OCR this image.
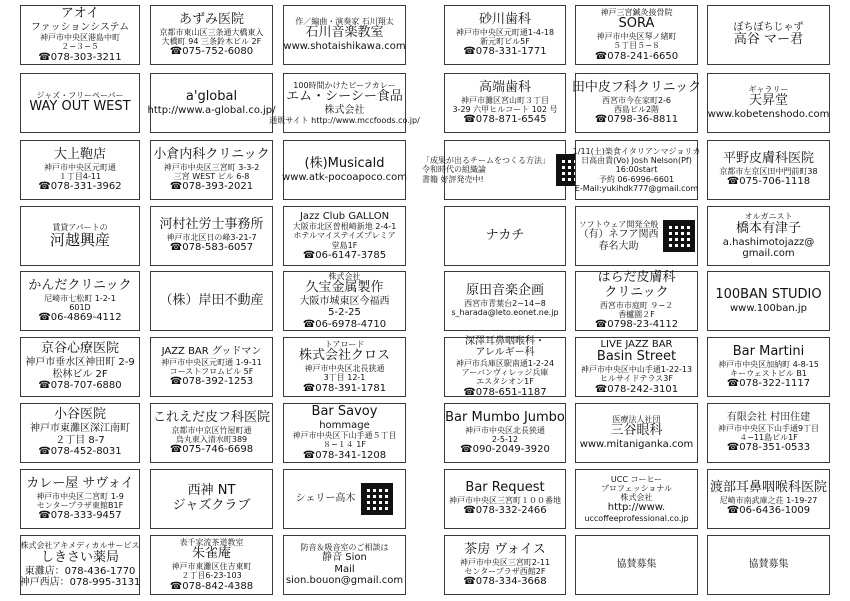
アオイ
ファッションシステム
神戸市中央区港島中町
２−３−５
☎078-303-3211
あずみ医院
京都市東山区三条通大橋東入
大橋町 94 三条鈴木ビル 2F
☎075-752-6080
作／編曲・演奏家 石川翔太
石川音楽教室
www.shotaishikawa.com
砂川歯科
神戸市中央区元町通1-4-18
新元町ビル5F
☎078-331-1771
神戸三宮鍼灸接骨院
SORA
神戸市中央区琴ノ緒町
５丁目５−８
☎078-241-6650
ぼちぼちじゃず
高谷 マー君
ジャズ・フリーペーパー
WAY OUT WEST
a'global
http://www.a-global.co.jp/
100時間かけたビーフカレー
エム・シーシー食品
株式会社
通販サイト http://www.mccfoods.co.jp/
高端歯科
神戸市灘区宮山町３丁目
3-29 六甲ヒルコート 102 号
☎078-871-6545
田中皮フ科クリニック
西宮市今在家町2-6
西島ビル2階
☎0798-36-8811
ギャラリー
天昇堂
www.kobetenshodo.com
大上鞄店
神戸市中央区元町通
１丁目4-11
☎078-331-3962
小倉内科クリニック
神戸市中央区三宮町 3-3-2
三宮 WEST ビル 6-8
☎078-393-2021
(株)Musicald
www.atk-pocoapoco.com
「成果が出るチームをつくる方法」
令和時代の組織論
書籍 好評発売中!
1/11(土)楽食イタリアンマジョリカ
日高由貴(Vo) Josh Nelson(Pf)
16:00start
予約 06-6996-6601
E-Mail:yukihdk777@gmail.com
平野皮膚科医院
京都市左京区田中門前町38
☎075-706-1118
賃貸アパートの
河越興産
河村社労士事務所
神戸市北区日の峰3-21-7
☎078-583-6057
Jazz Club GALLON
大阪市北区曽根崎新地 2-4-1
ホテルマイステイズプレミア
堂島1F
☎06-6147-3785
ナカチ
ソフトウェア開発全般
（有）ネフア関西
春名大助
オルガニスト
橋本有津子
a.hashimotojazz@
gmail.com
かんだクリニック
尼崎市七松町 1-2-1
601D
☎06-4869-4112
（株）岸田不動産
株式会社
久宝金属製作
大阪市城東区今福西
5-2-25
☎06-6978-4710
原田音楽企画
西宮市青葉台2−14−8
s_harada@leto.eonet.ne.jp
はらだ皮膚科
クリニック
西宮市市庭町 ９−２
香櫨園２F
☎0798-23-4112
100BAN STUDIO
www.100ban.jp
京谷心療医院
神戸市垂水区神田町 2-9
松林ビル 2F
☎078-707-6880
JAZZ BAR グッドマン
神戸市中央区元町通 1-9-11
コーストフロムビル 5F
☎078-392-1253
トアロード
株式会社クロス
神戸市中央区北長狭通
3丁目 12-1
☎078-391-1781
深澤耳鼻咽喉科・
アレルギー科
神戸市兵庫区駅南通1-2-24
アーバンヴィレッジ兵庫
エスタシオン1F
☎078-651-1187
LIVE JAZZ BAR
Basin Street
神戸市中央区中山手通1-22-13
ヒルサイドテラス3F
☎078-242-3101
Bar Martini
神戸市中央区加納町 4-8-15
キーウェストビル B1
☎078-322-1117
小谷医院
神戸市東灘区深江南町
２丁目 8-7
☎078-452-8031
これえだ皮フ科医院
京都市中京区竹屋町通
烏丸東入清水町389
☎075-746-6698
Bar Savoy
hommage
神戸市中央区下山手通５丁目
８−１４ 1F
☎078-341-1208
Bar Mumbo Jumbo
神戸市中央区北長狭通
2-5-12
☎090-2049-3920
医療法人社団
三谷眼科
www.mitaniganka.com
有限会社 村田住建
神戸市中央区下山手通9丁目
４−11島ビル1F
☎078-351-0533
カレー屋 サヴォイ
神戸市中央区二宮町 1-9
センタープラザ東館B1F
☎078-333-9457
西神 NT
ジャズクラブ	シェリー高木
Bar Request
神戸市中央区三宮町１００番地
☎078-332-2466
UCC コーヒー
プロフェッショナル
株式会社
http://www.
uccoffeeprofessional.co.jp
渡部耳鼻咽喉科医院
尼崎市南武庫之荘 1-19-27
☎06-6436-1009
株式会社アキメディカルサービス
しきさい薬局
東灘店：078-436-1770
神戸西店：078-995-3131
表千家流茶道教室
朱雀庵
神戸市東灘区住吉東町
２丁目6-23-103
☎078-842-4388
防音＆吸音室のご相談は
静音 Sion
Mail
sion.bouon@gmail.com
茶房 ヴォイス
神戸市中央区三宮町2-11
センタープラザ西館2F
☎078-334-3668
協賛募集	協賛募集
